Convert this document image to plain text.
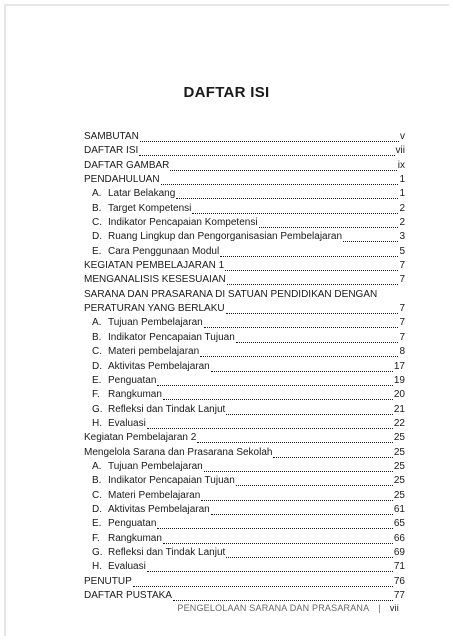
DAFTAR ISI
SAMBUTAN	v
DAFTAR ISI	vii
DAFTAR GAMBAR	ix
PENDAHULUAN	1
A. Latar Belakang	1
B. Target Kompetensi	2
C. Indikator Pencapaian Kompetensi	2
D. Ruang Lingkup dan Pengorganisasian Pembelajaran	3
E. Cara Penggunaan Modul	5
KEGIATAN PEMBELAJARAN 1	7
MENGANALISIS KESESUAIAN	7
SARANA DAN PRASARANA DI SATUAN PENDIDIKAN DENGAN
PERATURAN YANG BERLAKU	7
A. Tujuan Pembelajaran	7
B. Indikator Pencapaian Tujuan	7
C. Materi pembelajaran	8
D. Aktivitas Pembelajaran	17
E. Penguatan	19
F. Rangkuman	20
G. Refleksi dan Tindak Lanjut	21
H. Evaluasi	22
Kegiatan Pembelajaran 2	25
Mengelola Sarana dan Prasarana Sekolah	25
A. Tujuan Pembelajaran	25
B. Indikator Pencapaian Tujuan	25
C. Materi Pembelajaran	25
D. Aktivitas Pembelajaran	61
E. Penguatan	65
F. Rangkuman	66
G. Refleksi dan Tindak Lanjut	69
H. Evaluasi	71
PENUTUP	76
DAFTAR PUSTAKA	77
PENGELOLAAN SARANA DAN PRASARANA | vii
